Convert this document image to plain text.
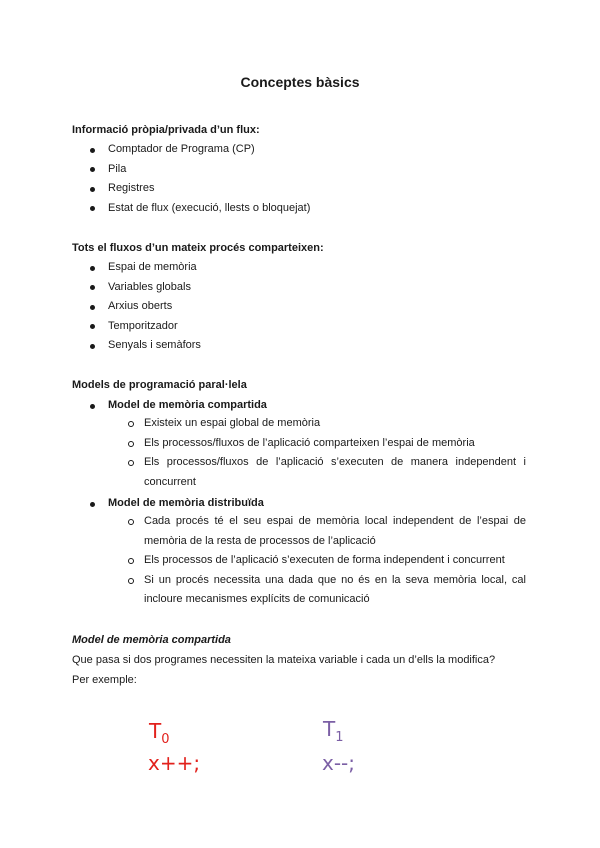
Conceptes bàsics
Informació pròpia/privada d’un flux:
Comptador de Programa (CP)
Pila
Registres
Estat de flux (execució, llests o bloquejat)
Tots el fluxos d’un mateix procés comparteixen:
Espai de memòria
Variables globals
Arxius oberts
Temporitzador
Senyals i semàfors
Models de programació paral·lela
Model de memòria compartida
Existeix un espai global de memòria
Els processos/fluxos de l’aplicació comparteixen l’espai de memòria
Els processos/fluxos de l’aplicació s’executen de manera independent i concurrent
Model de memòria distribuïda
Cada procés té el seu espai de memòria local independent de l’espai de memòria de la resta de processos de l’aplicació
Els processos de l’aplicació s’executen de forma independent i concurrent
Si un procés necessita una dada que no és en la seva memòria local, cal incloure mecanismes explícits de comunicació
Model de memòria compartida
Que pasa si dos programes necessiten la mateixa variable i cada un d’ells la modifica?
Per exemple:
$T_0$
x++;
$T_1$
x--;
